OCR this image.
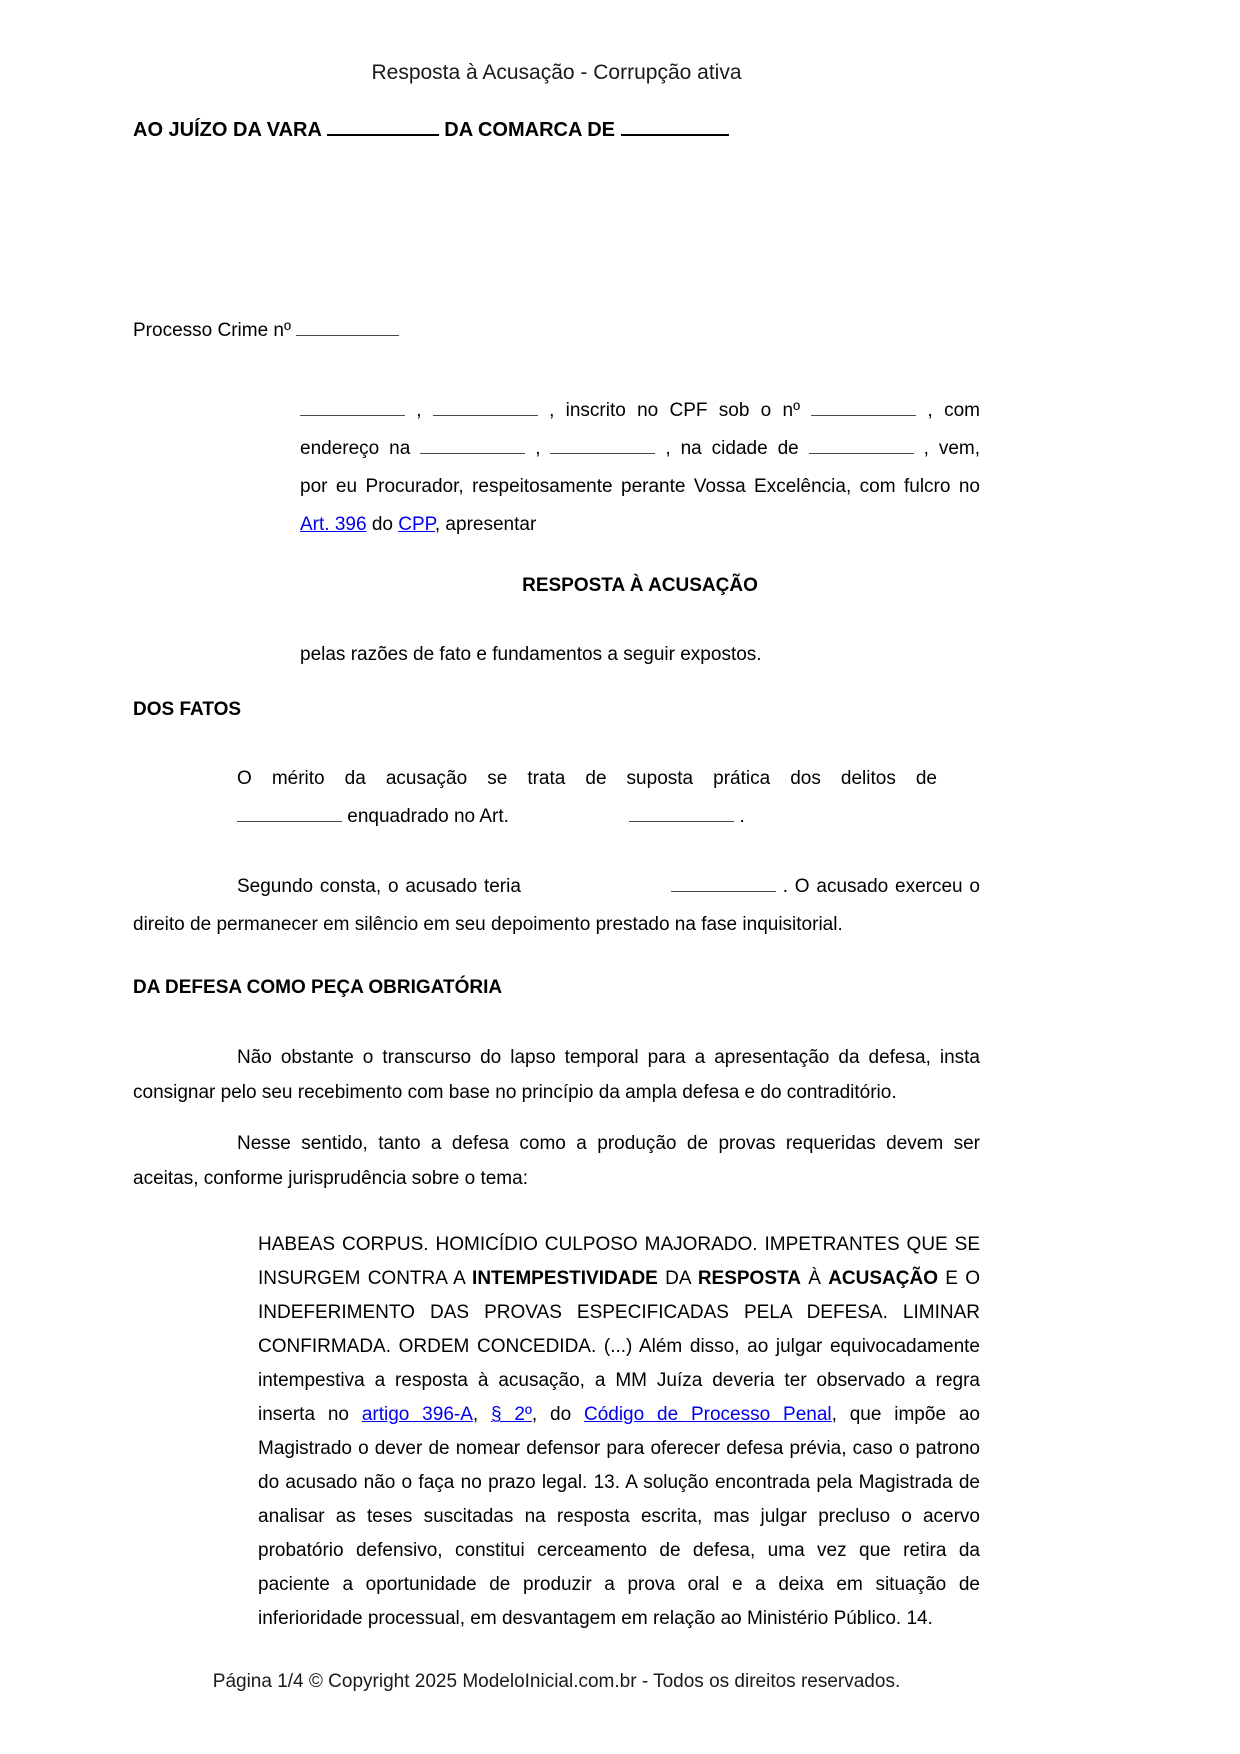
Resposta à Acusação - Corrupção ativa
AO JUÍZO DA VARA	DA COMARCA DE
Processo Crime nº
,	, inscrito no CPF sob o nº	, com
endereço na	,	, na cidade de	, vem,
por eu Procurador, respeitosamente perante Vossa Excelência, com fulcro no
Art. 396 do CPP, apresentar
RESPOSTA À ACUSAÇÃO
pelas razões de fato e fundamentos a seguir expostos.
DOS FATOS
O mérito da acusação se trata de suposta prática dos delitos de
enquadrado no Art.	.
Segundo consta, o acusado teria	. O acusado exerceu o
direito de permanecer em silêncio em seu depoimento prestado na fase inquisitorial.
DA DEFESA COMO PEÇA OBRIGATÓRIA
Não obstante o transcurso do lapso temporal para a apresentação da defesa, insta
consignar pelo seu recebimento com base no princípio da ampla defesa e do contraditório.
Nesse sentido, tanto a defesa como a produção de provas requeridas devem ser
aceitas, conforme jurisprudência sobre o tema:
HABEAS CORPUS. HOMICÍDIO CULPOSO MAJORADO. IMPETRANTES QUE SE INSURGEM CONTRA A INTEMPESTIVIDADE DA RESPOSTA À ACUSAÇÃO E O INDEFERIMENTO DAS PROVAS ESPECIFICADAS PELA DEFESA. LIMINAR CONFIRMADA. ORDEM CONCEDIDA. (...) Além disso, ao julgar equivocadamente intempestiva a resposta à acusação, a MM Juíza deveria ter observado a regra inserta no artigo 396-A, § 2º, do Código de Processo Penal, que impõe ao Magistrado o dever de nomear defensor para oferecer defesa prévia, caso o patrono do acusado não o faça no prazo legal. 13. A solução encontrada pela Magistrada de analisar as teses suscitadas na resposta escrita, mas julgar precluso o acervo probatório defensivo, constitui cerceamento de defesa, uma vez que retira da paciente a oportunidade de produzir a prova oral e a deixa em situação de inferioridade processual, em desvantagem em relação ao Ministério Público. 14.
Página 1/4 © Copyright 2025 ModeloInicial.com.br - Todos os direitos reservados.
